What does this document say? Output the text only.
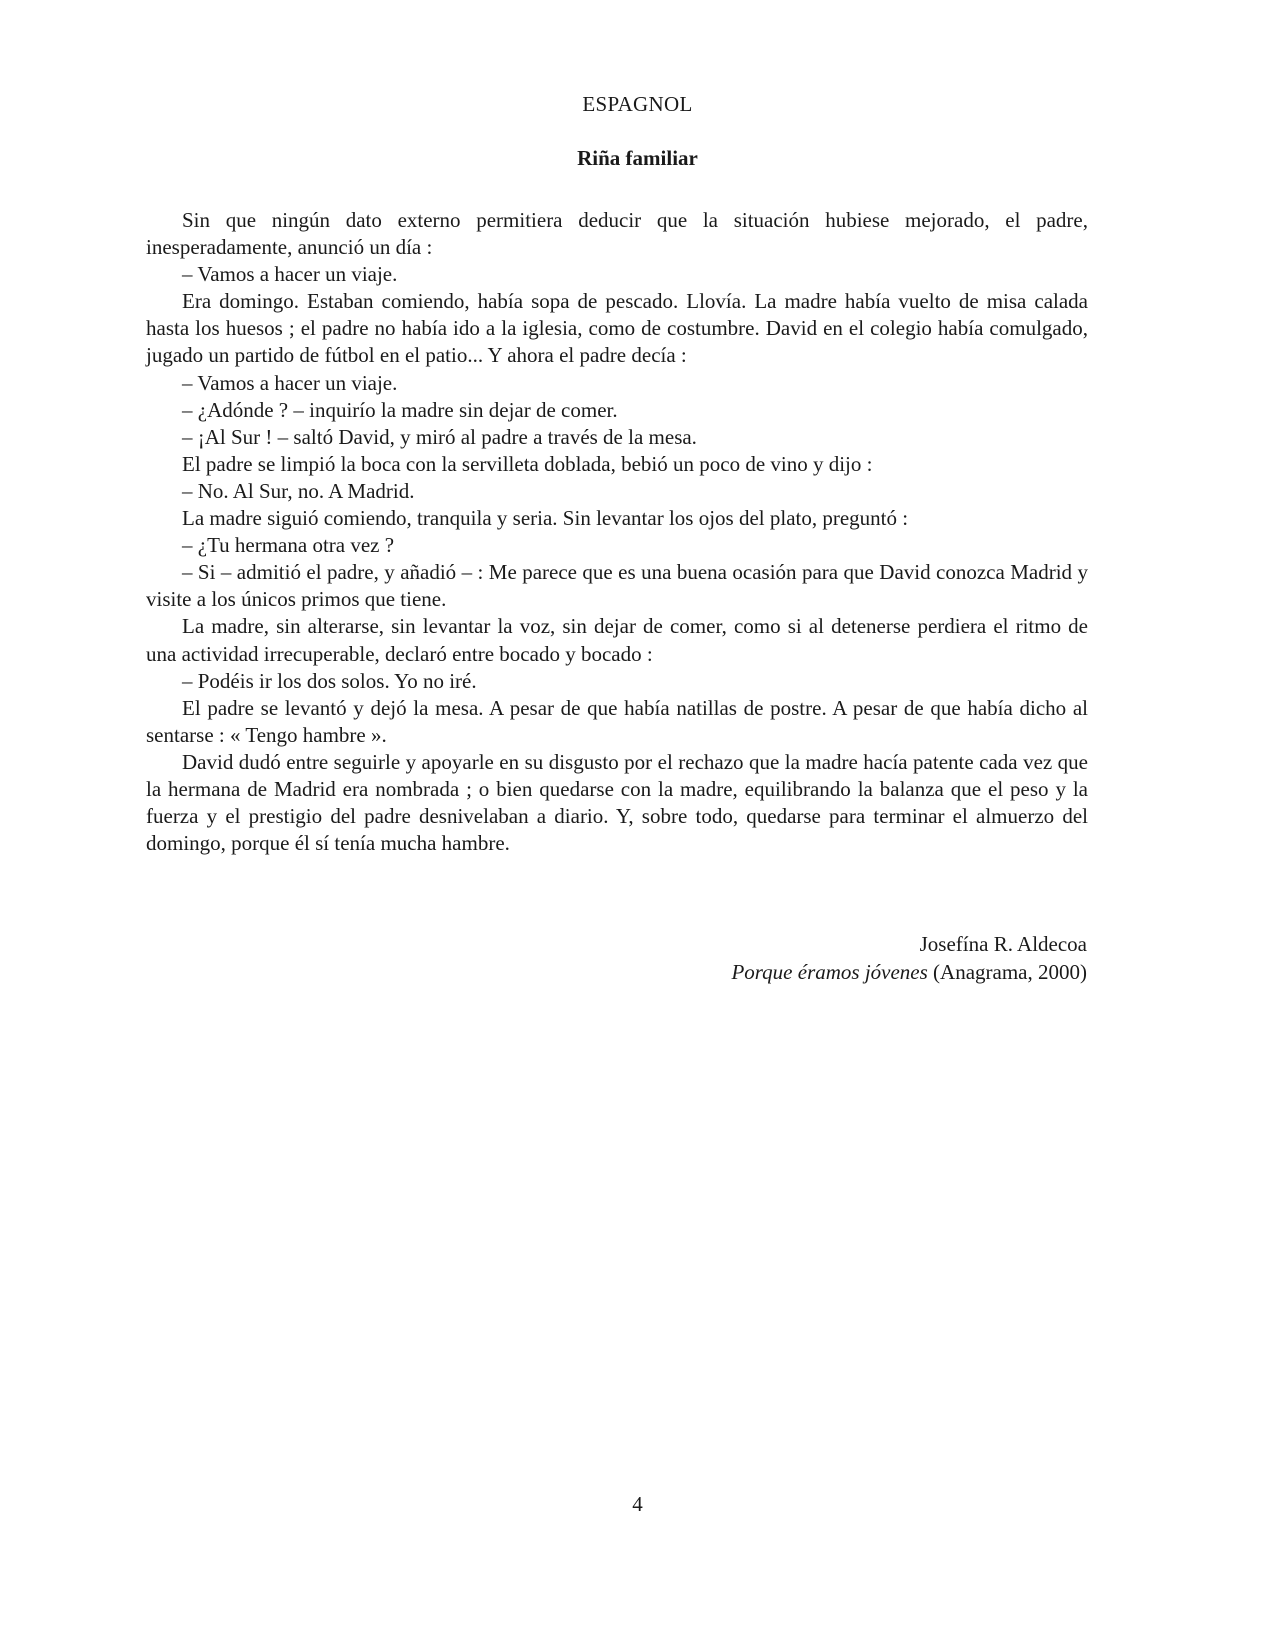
ESPAGNOL
Riña familiar

Sin que ningún dato externo permitiera deducir que la situación hubiese mejorado, el padre, inesperadamente, anunció un día :

– Vamos a hacer un viaje.

Era domingo. Estaban comiendo, había sopa de pescado. Llovía. La madre había vuelto de misa calada hasta los huesos ; el padre no había ido a la iglesia, como de costumbre. David en el colegio había comulgado, jugado un partido de fútbol en el patio... Y ahora el padre decía :

– Vamos a hacer un viaje.

– ¿Adónde ? – inquirío la madre sin dejar de comer.

– ¡Al Sur ! – saltó David, y miró al padre a través de la mesa.

El padre se limpió la boca con la servilleta doblada, bebió un poco de vino y dijo :

– No. Al Sur, no. A Madrid.

La madre siguió comiendo, tranquila y seria. Sin levantar los ojos del plato, preguntó :

– ¿Tu hermana otra vez ?

– Si – admitió el padre, y añadió – : Me parece que es una buena ocasión para que David conozca Madrid y visite a los únicos primos que tiene.

La madre, sin alterarse, sin levantar la voz, sin dejar de comer, como si al detenerse perdiera el ritmo de una actividad irrecuperable, declaró entre bocado y bocado :

– Podéis ir los dos solos. Yo no iré.

El padre se levantó y dejó la mesa. A pesar de que había natillas de postre. A pesar de que había dicho al sentarse : « Tengo hambre ».

David dudó entre seguirle y apoyarle en su disgusto por el rechazo que la madre hacía patente cada vez que la hermana de Madrid era nombrada ; o bien quedarse con la madre, equilibrando la balanza que el peso y la fuerza y el prestigio del padre desnivelaban a diario. Y, sobre todo, quedarse para terminar el almuerzo del domingo, porque él sí tenía mucha hambre.

Josefína R. Aldecoa
Porque éramos jóvenes (Anagrama, 2000)
4
